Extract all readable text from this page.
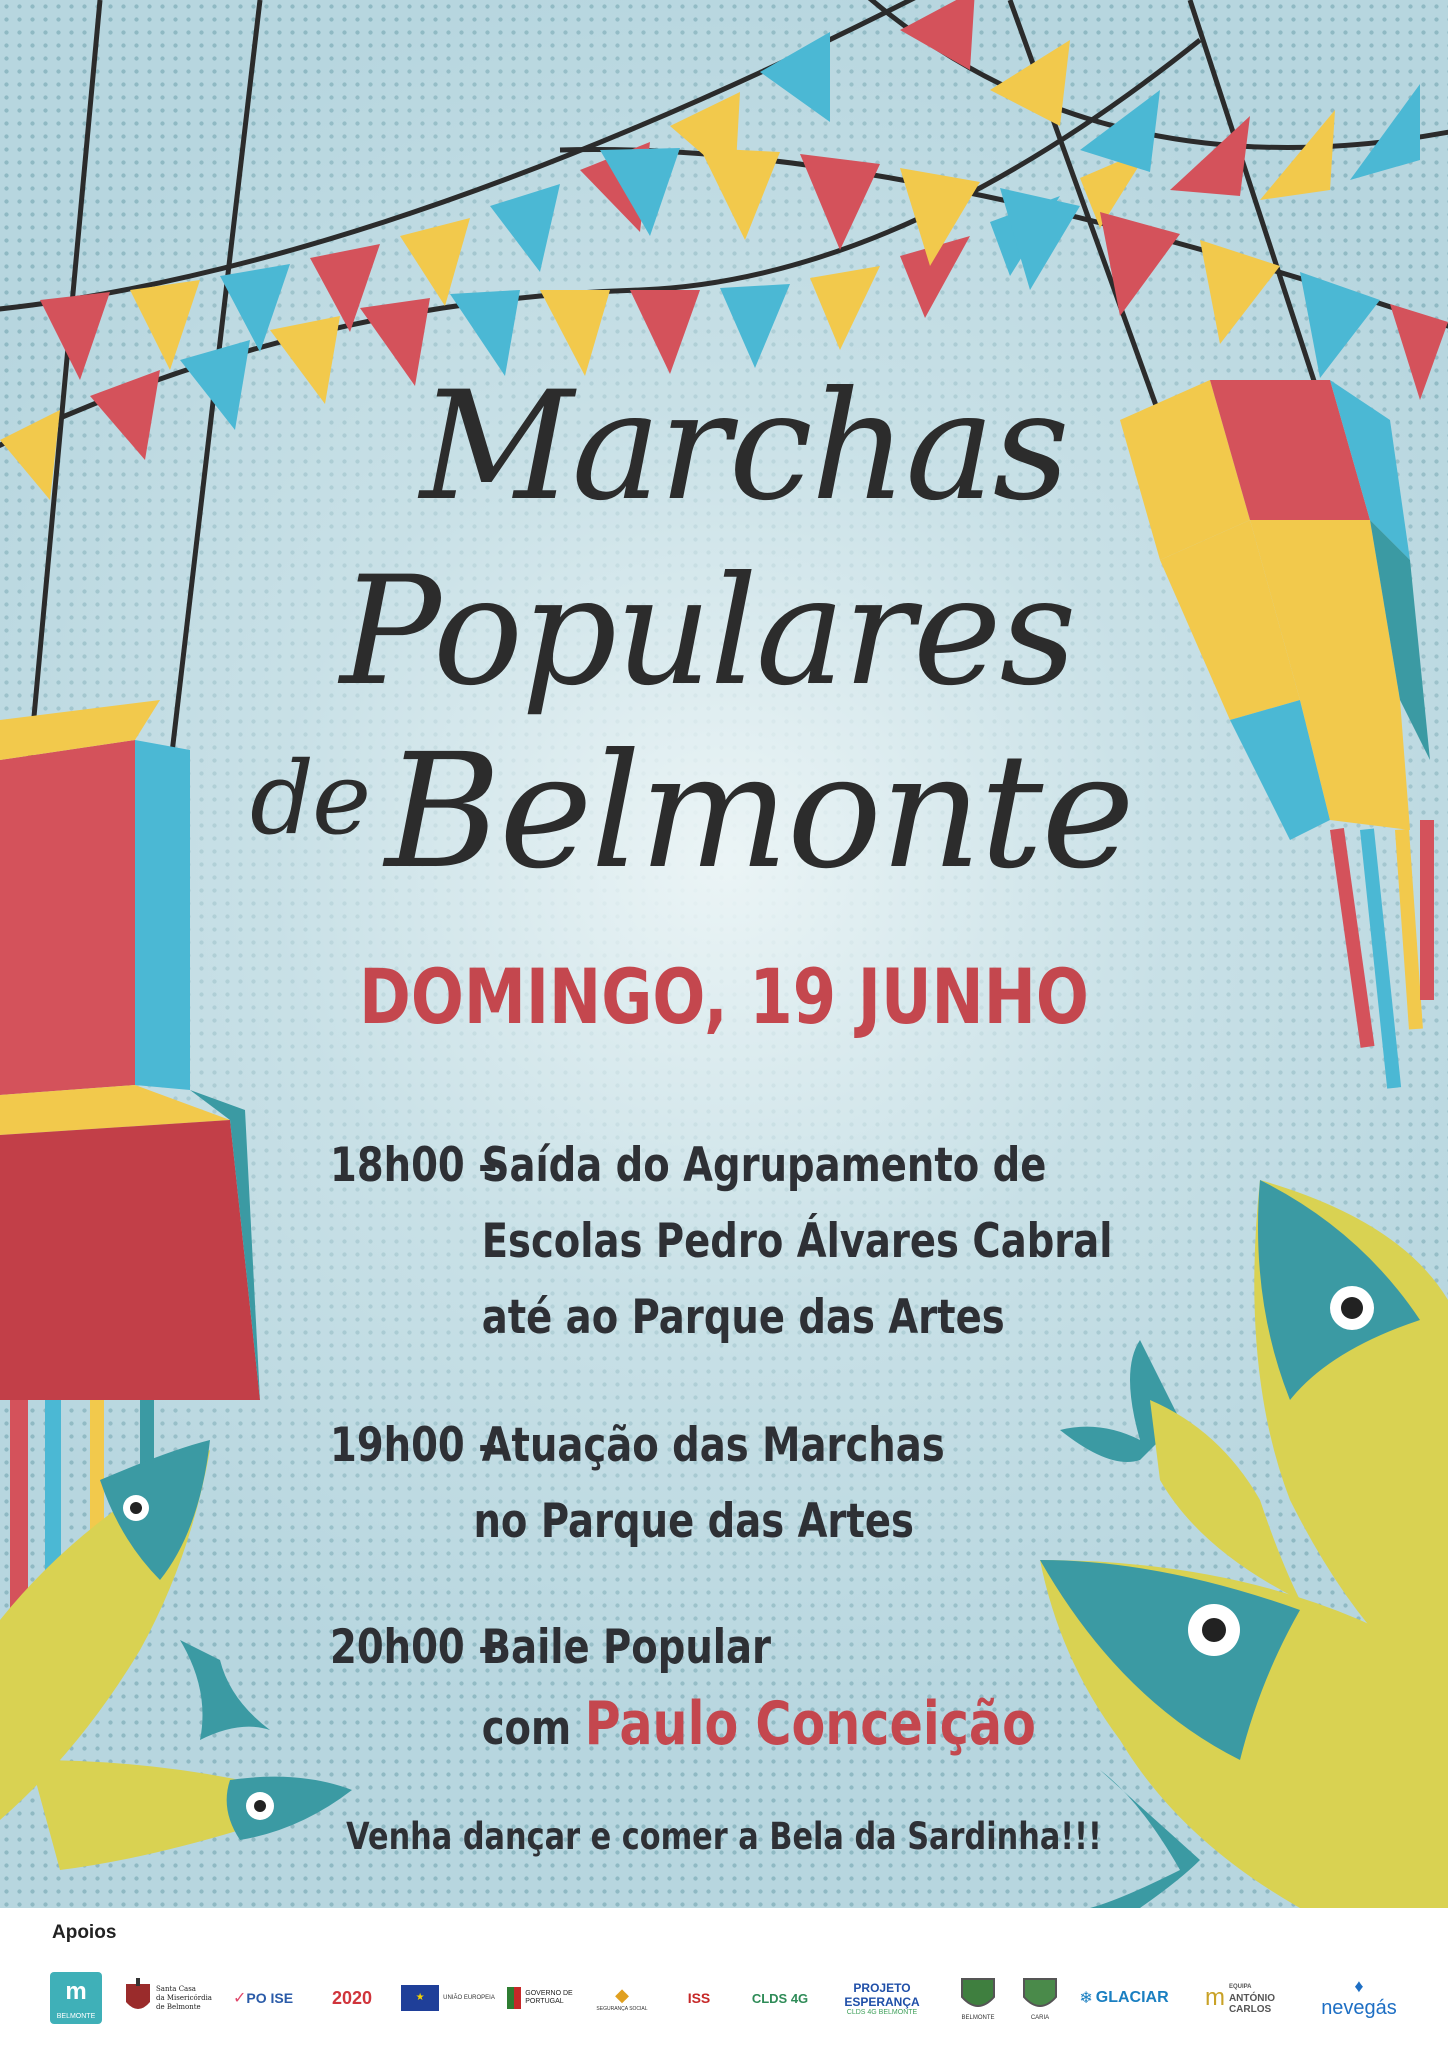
Marchas
Populares
de Belmonte
DOMINGO, 19 JUNHO
18h00 –
Saída do Agrupamento de
Escolas Pedro Álvares Cabral
até ao Parque das Artes
19h00 –
Atuação das Marchas
no Parque das Artes
20h00 –
Baile Popular
com Paulo Conceição
Venha dançar e comer a Bela da Sardinha!!!
Apoios
m
BELMONTE
Santa Casa
da Misericórdia
de Belmonte	✓ PO ISE 2020	★	UNIÃO EUROPEIA
GOVERNO DE
PORTUGAL	◆
SEGURANÇA SOCIAL
ISS	CLDS 4G
PROJETO
ESPERANÇA
CLDS 4G BELMONTE
BELMONTE	CARIA
❄ GLACIAR m EQUIPA
ANTÓNIO
CARLOS
♦
nevegás
